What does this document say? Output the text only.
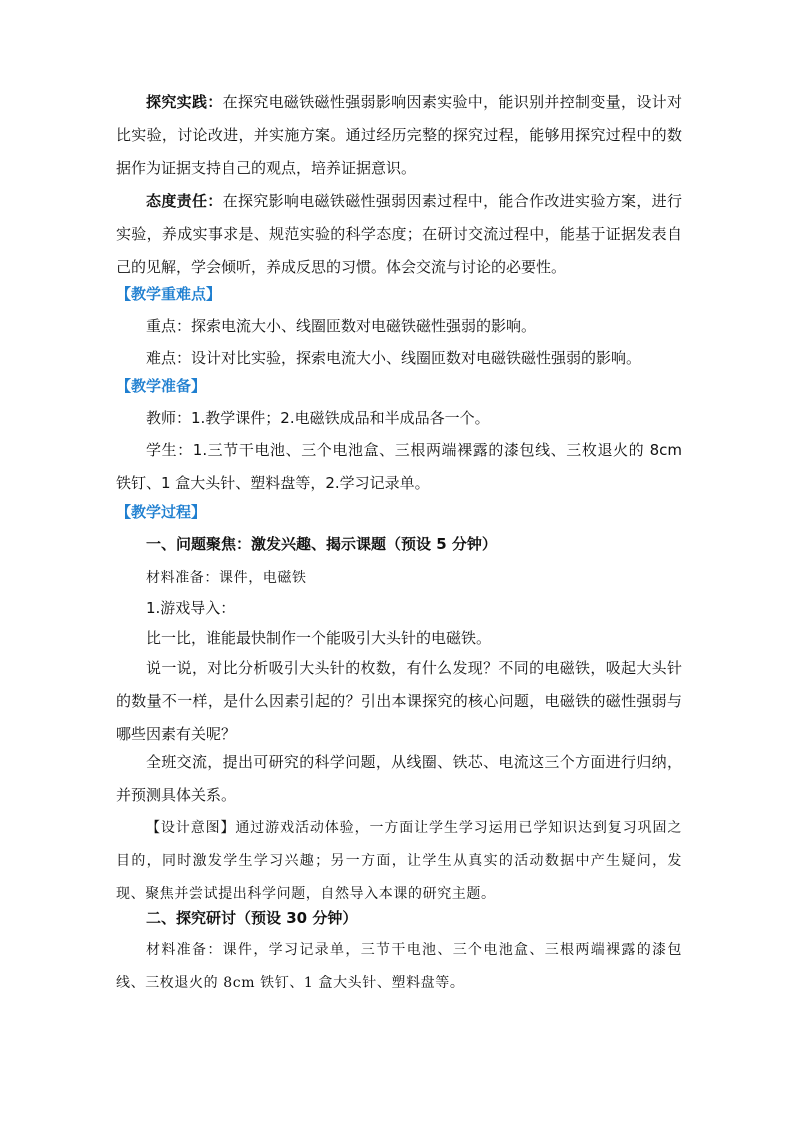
探究实践：在探究电磁铁磁性强弱影响因素实验中，能识别并控制变量，设计对比实验，讨论改进，并实施方案。通过经历完整的探究过程，能够用探究过程中的数据作为证据支持自己的观点，培养证据意识。

态度责任：在探究影响电磁铁磁性强弱因素过程中，能合作改进实验方案，进行实验，养成实事求是、规范实验的科学态度；在研讨交流过程中，能基于证据发表自己的见解，学会倾听，养成反思的习惯。体会交流与讨论的必要性。

【教学重难点】

重点：探索电流大小、线圈匝数对电磁铁磁性强弱的影响。

难点：设计对比实验，探索电流大小、线圈匝数对电磁铁磁性强弱的影响。

【教学准备】

教师：1.教学课件；2.电磁铁成品和半成品各一个。

学生：1.三节干电池、三个电池盒、三根两端裸露的漆包线、三枚退火的 8cm 铁钉、1 盒大头针、塑料盘等，2.学习记录单。

【教学过程】

一、问题聚焦：激发兴趣、揭示课题（预设 5 分钟）

材料准备：课件，电磁铁

1.游戏导入：

比一比，谁能最快制作一个能吸引大头针的电磁铁。

说一说，对比分析吸引大头针的枚数，有什么发现？不同的电磁铁，吸起大头针的数量不一样，是什么因素引起的？引出本课探究的核心问题，电磁铁的磁性强弱与哪些因素有关呢？

全班交流，提出可研究的科学问题，从线圈、铁芯、电流这三个方面进行归纳，并预测具体关系。

【设计意图】通过游戏活动体验，一方面让学生学习运用已学知识达到复习巩固之目的，同时激发学生学习兴趣；另一方面，让学生从真实的活动数据中产生疑问，发现、聚焦并尝试提出科学问题，自然导入本课的研究主题。

二、探究研讨（预设 30 分钟）

材料准备：课件，学习记录单，三节干电池、三个电池盒、三根两端裸露的漆包线、三枚退火的 8cm 铁钉、1 盒大头针、塑料盘等。
